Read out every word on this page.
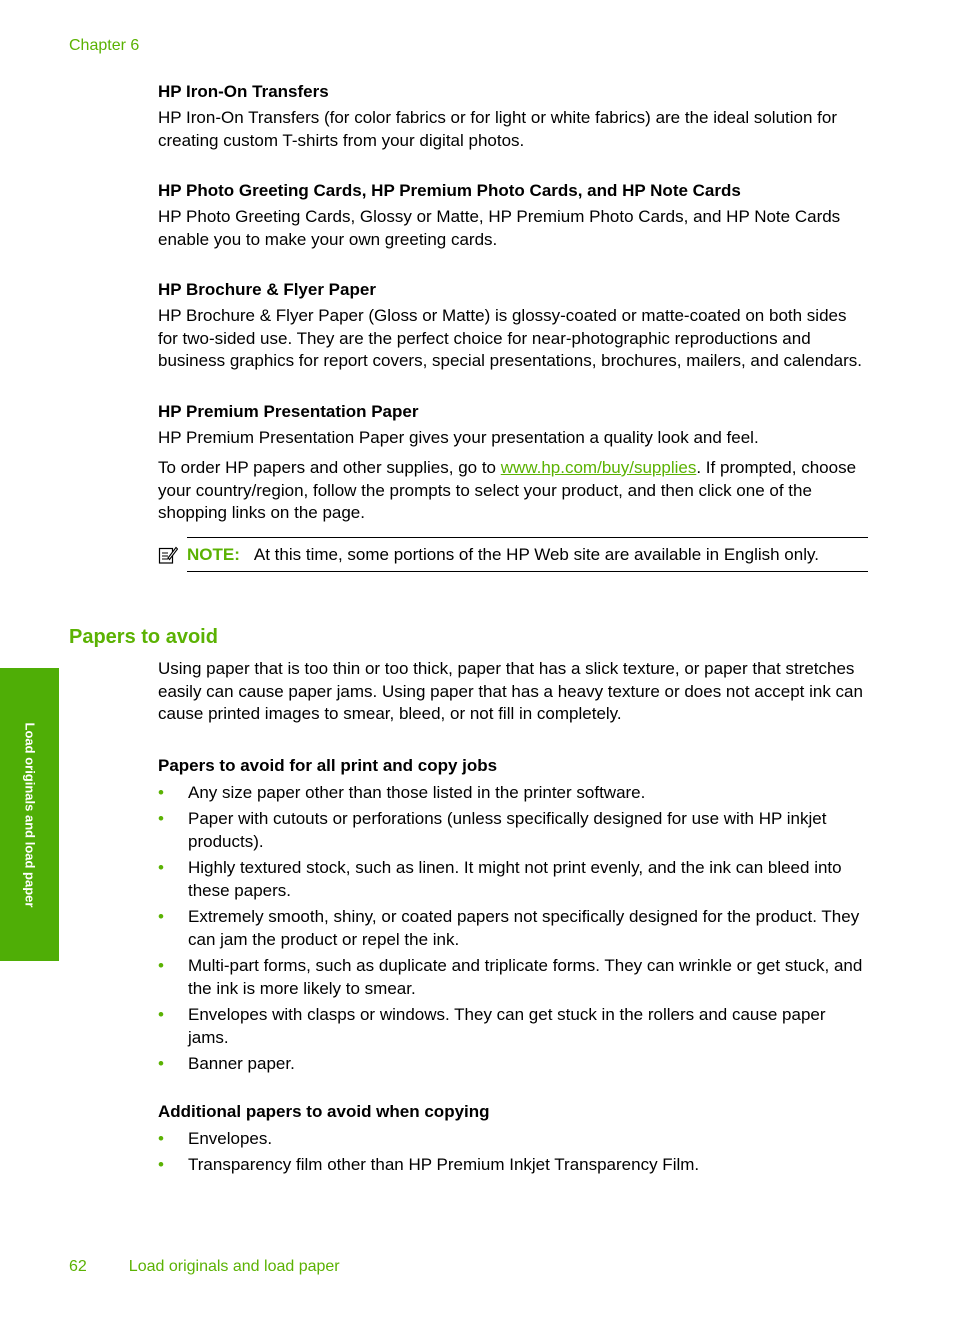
Chapter 6

HP Iron-On Transfers

HP Iron-On Transfers (for color fabrics or for light or white fabrics) are the ideal solution for creating custom T-shirts from your digital photos.

HP Photo Greeting Cards, HP Premium Photo Cards, and HP Note Cards

HP Photo Greeting Cards, Glossy or Matte, HP Premium Photo Cards, and HP Note Cards enable you to make your own greeting cards.

HP Brochure & Flyer Paper

HP Brochure & Flyer Paper (Gloss or Matte) is glossy-coated or matte-coated on both sides for two-sided use. They are the perfect choice for near-photographic reproductions and business graphics for report covers, special presentations, brochures, mailers, and calendars.

HP Premium Presentation Paper

HP Premium Presentation Paper gives your presentation a quality look and feel.

To order HP papers and other supplies, go to www.hp.com/buy/supplies. If prompted, choose your country/region, follow the prompts to select your product, and then click one of the shopping links on the page.

NOTE: At this time, some portions of the HP Web site are available in English only.
Papers to avoid

Using paper that is too thin or too thick, paper that has a slick texture, or paper that stretches easily can cause paper jams. Using paper that has a heavy texture or does not accept ink can cause printed images to smear, bleed, or not fill in completely.

Papers to avoid for all print and copy jobs

• Any size paper other than those listed in the printer software.
• Paper with cutouts or perforations (unless specifically designed for use with HP inkjet products).
• Highly textured stock, such as linen. It might not print evenly, and the ink can bleed into these papers.
• Extremely smooth, shiny, or coated papers not specifically designed for the product. They can jam the product or repel the ink.
• Multi-part forms, such as duplicate and triplicate forms. They can wrinkle or get stuck, and the ink is more likely to smear.
• Envelopes with clasps or windows. They can get stuck in the rollers and cause paper jams.
• Banner paper.

Additional papers to avoid when copying

• Envelopes.
• Transparency film other than HP Premium Inkjet Transparency Film.
Load originals and load paper
62	Load originals and load paper
